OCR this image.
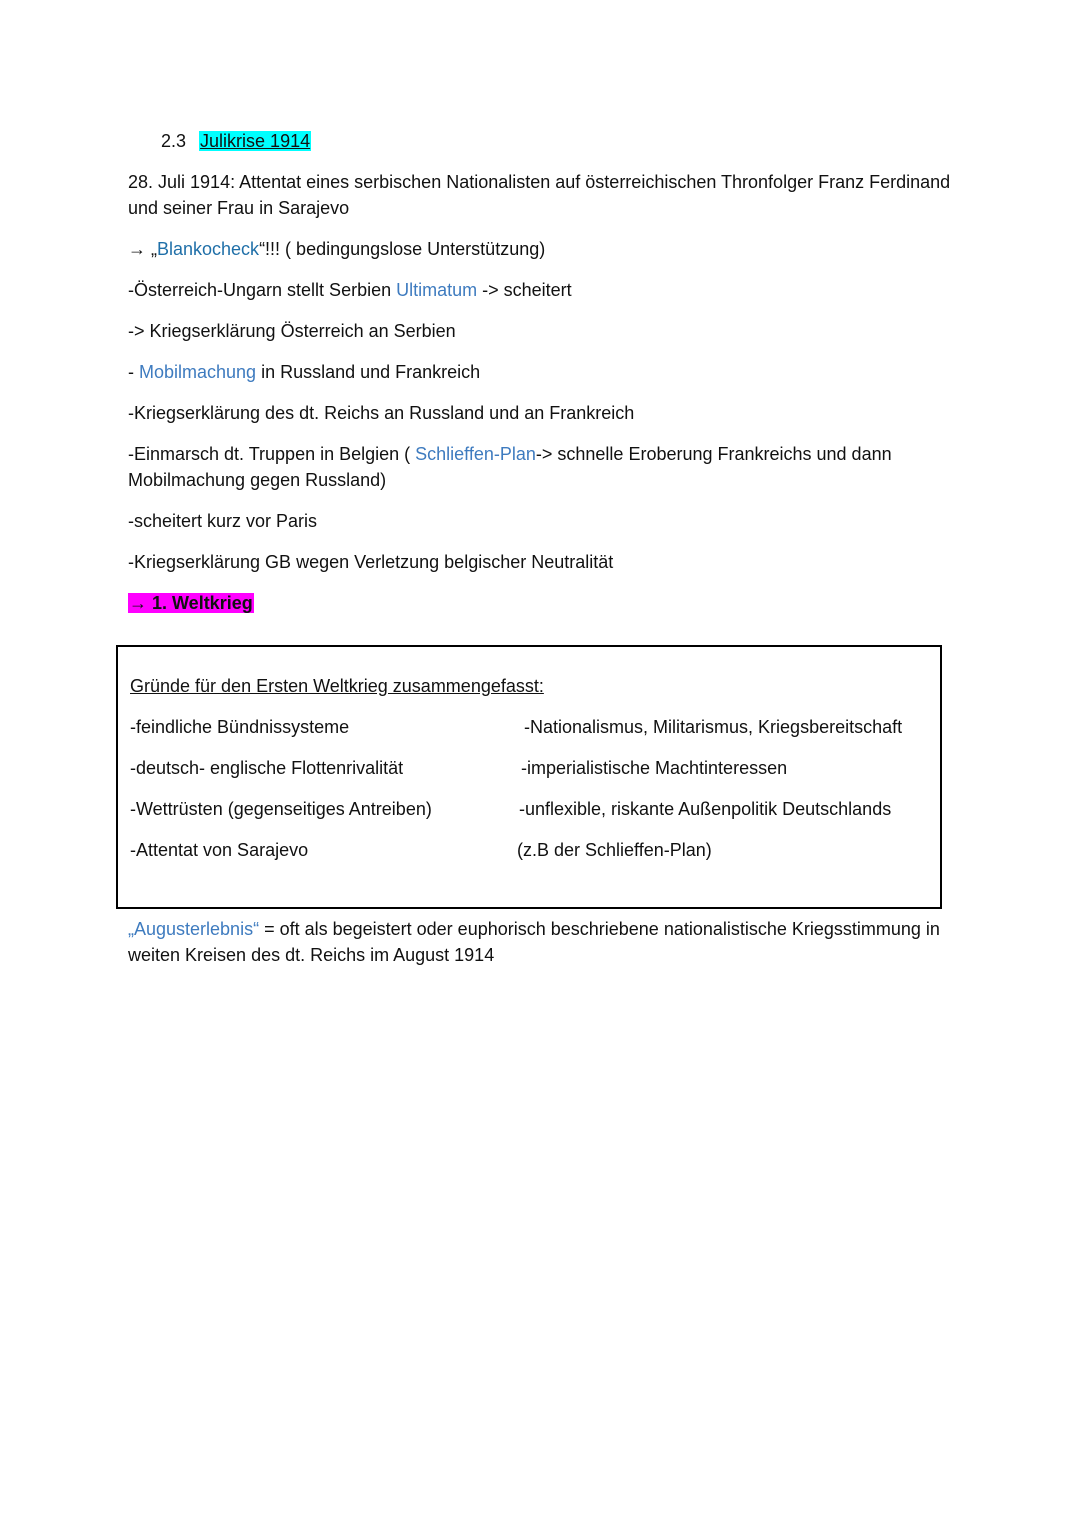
2.3 Julikrise 1914
28. Juli 1914: Attentat eines serbischen Nationalisten auf österreichischen Thronfolger Franz Ferdinand und seiner Frau in Sarajevo
→ „Blankocheck“!!! ( bedingungslose Unterstützung)
-Österreich-Ungarn stellt Serbien Ultimatum -> scheitert
-> Kriegserklärung Österreich an Serbien
- Mobilmachung in Russland und Frankreich
-Kriegserklärung des dt. Reichs an Russland und an Frankreich
-Einmarsch dt. Truppen in Belgien ( Schlieffen-Plan-> schnelle Eroberung Frankreichs und dann Mobilmachung gegen Russland)
-scheitert kurz vor Paris
-Kriegserklärung GB wegen Verletzung belgischer Neutralität
→ 1. Weltkrieg
Gründe für den Ersten Weltkrieg zusammengefasst:
-feindliche Bündnissysteme
-deutsch- englische Flottenrivalität
-Wettrüsten (gegenseitiges Antreiben)
-Attentat von Sarajevo
-Nationalismus, Militarismus, Kriegsbereitschaft
-imperialistische Machtinteressen
-unflexible, riskante Außenpolitik Deutschlands
(z.B der Schlieffen-Plan)
„Augusterlebnis“ = oft als begeistert oder euphorisch beschriebene nationalistische Kriegsstimmung in weiten Kreisen des dt. Reichs im August 1914
